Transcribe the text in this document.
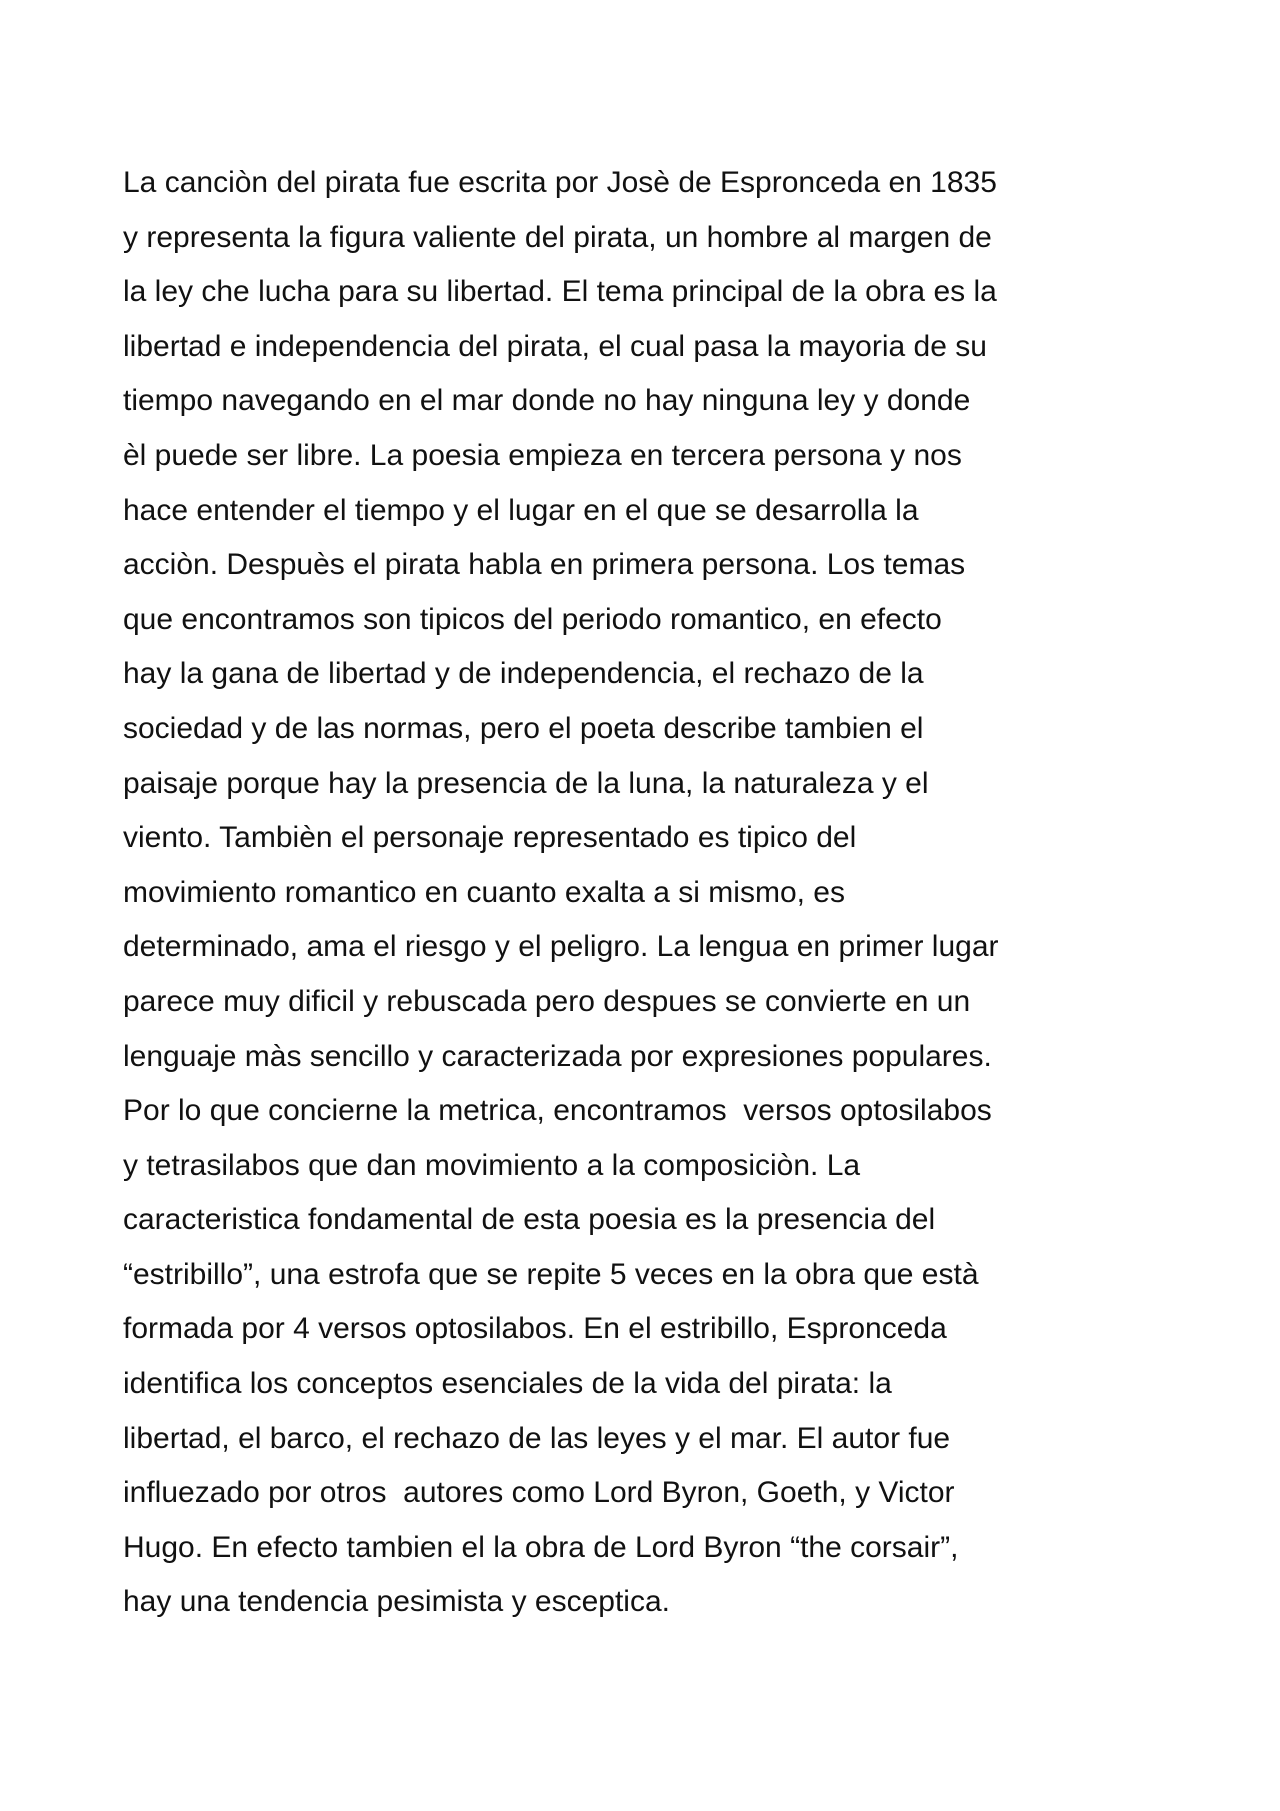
La canciòn del pirata fue escrita por Josè de Espronceda en 1835
y representa la figura valiente del pirata, un hombre al margen de
la ley che lucha para su libertad. El tema principal de la obra es la
libertad e independencia del pirata, el cual pasa la mayoria de su
tiempo navegando en el mar donde no hay ninguna ley y donde
èl puede ser libre. La poesia empieza en tercera persona y nos
hace entender el tiempo y el lugar en el que se desarrolla la
acciòn. Despuès el pirata habla en primera persona. Los temas
que encontramos son tipicos del periodo romantico, en efecto
hay la gana de libertad y de independencia, el rechazo de la
sociedad y de las normas, pero el poeta describe tambien el
paisaje porque hay la presencia de la luna, la naturaleza y el
viento. Tambièn el personaje representado es tipico del
movimiento romantico en cuanto exalta a si mismo, es
determinado, ama el riesgo y el peligro. La lengua en primer lugar
parece muy dificil y rebuscada pero despues se convierte en un
lenguaje màs sencillo y caracterizada por expresiones populares.
Por lo que concierne la metrica, encontramos  versos optosilabos
y tetrasilabos que dan movimiento a la composiciòn. La
caracteristica fondamental de esta poesia es la presencia del
“estribillo”, una estrofa que se repite 5 veces en la obra que està
formada por 4 versos optosilabos. En el estribillo, Espronceda
identifica los conceptos esenciales de la vida del pirata: la
libertad, el barco, el rechazo de las leyes y el mar. El autor fue
influezado por otros  autores como Lord Byron, Goeth, y Victor
Hugo. En efecto tambien el la obra de Lord Byron “the corsair”,
hay una tendencia pesimista y esceptica.
